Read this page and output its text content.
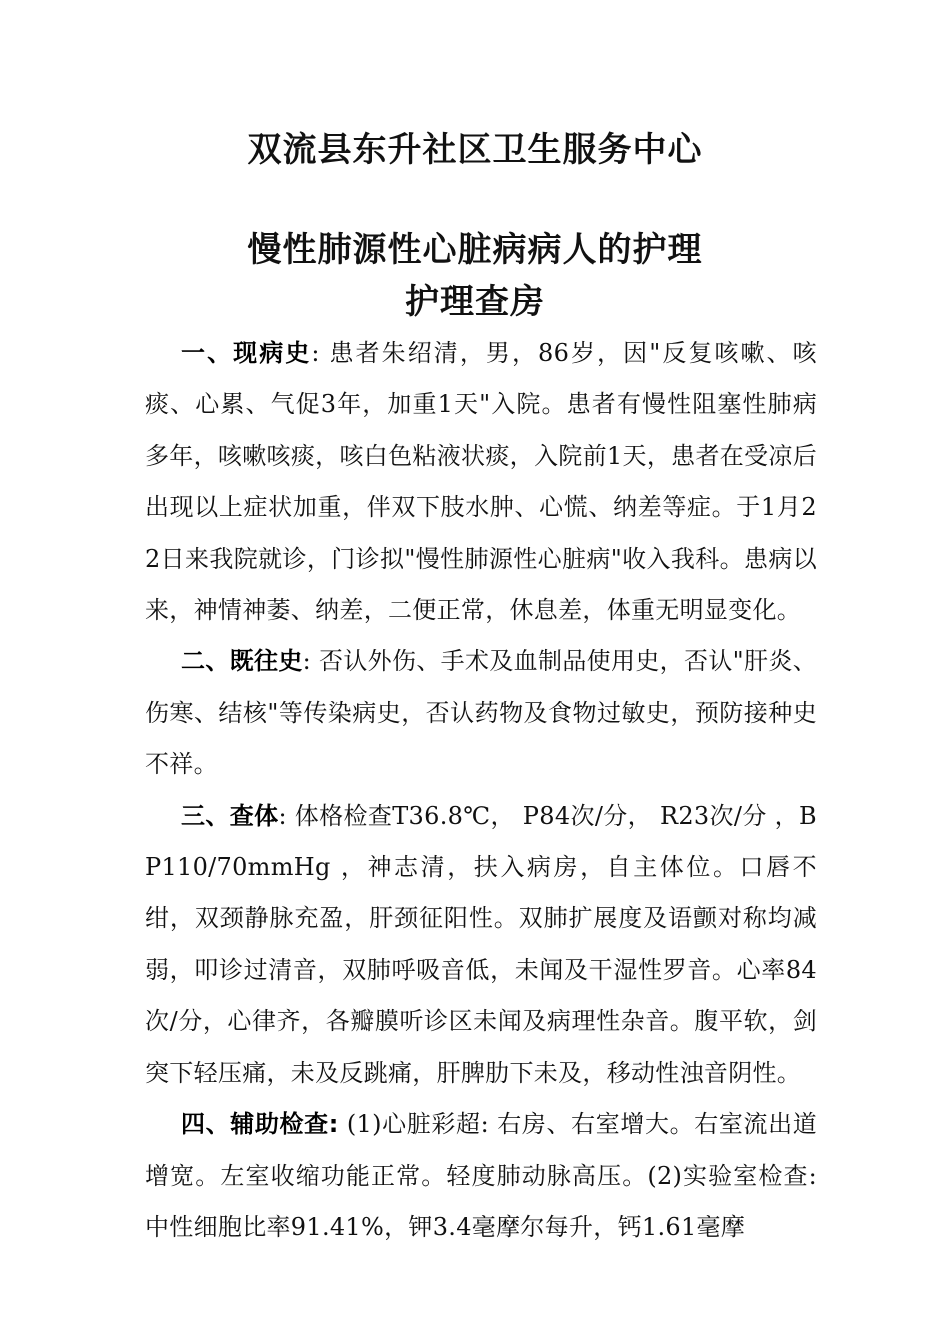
双流县东升社区卫生服务中心
慢性肺源性心脏病病人的护理
护理查房

一、现病史: 患者朱绍清，男，86岁，因"反复咳嗽、咳痰、心累、气促3年，加重1天"入院。患者有慢性阻塞性肺病多年，咳嗽咳痰，咳白色粘液状痰，入院前1天，患者在受凉后出现以上症状加重，伴双下肢水肿、心慌、纳差等症。于1月22日来我院就诊，门诊拟"慢性肺源性心脏病"收入我科。患病以来，神情神萎、纳差，二便正常，休息差，体重无明显变化。

二、既往史: 否认外伤、手术及血制品使用史，否认"肝炎、伤寒、结核"等传染病史，否认药物及食物过敏史，预防接种史不祥。

三、查体: 体格检查T36.8℃， P84次/分， R23次/分 ，BP110/70mmHg ，神志清，扶入病房，自主体位。口唇不绀，双颈静脉充盈，肝颈征阳性。双肺扩展度及语颤对称均减弱，叩诊过清音，双肺呼吸音低，未闻及干湿性罗音。心率84次/分，心律齐，各瓣膜听诊区未闻及病理性杂音。腹平软，剑突下轻压痛，未及反跳痛，肝脾肋下未及，移动性浊音阴性。

四、辅助检查: (1)心脏彩超: 右房、右室增大。右室流出道增宽。左室收缩功能正常。轻度肺动脉高压。(2)实验室检查: 中性细胞比率91.41%，钾3.4毫摩尔每升，钙1.61毫摩
